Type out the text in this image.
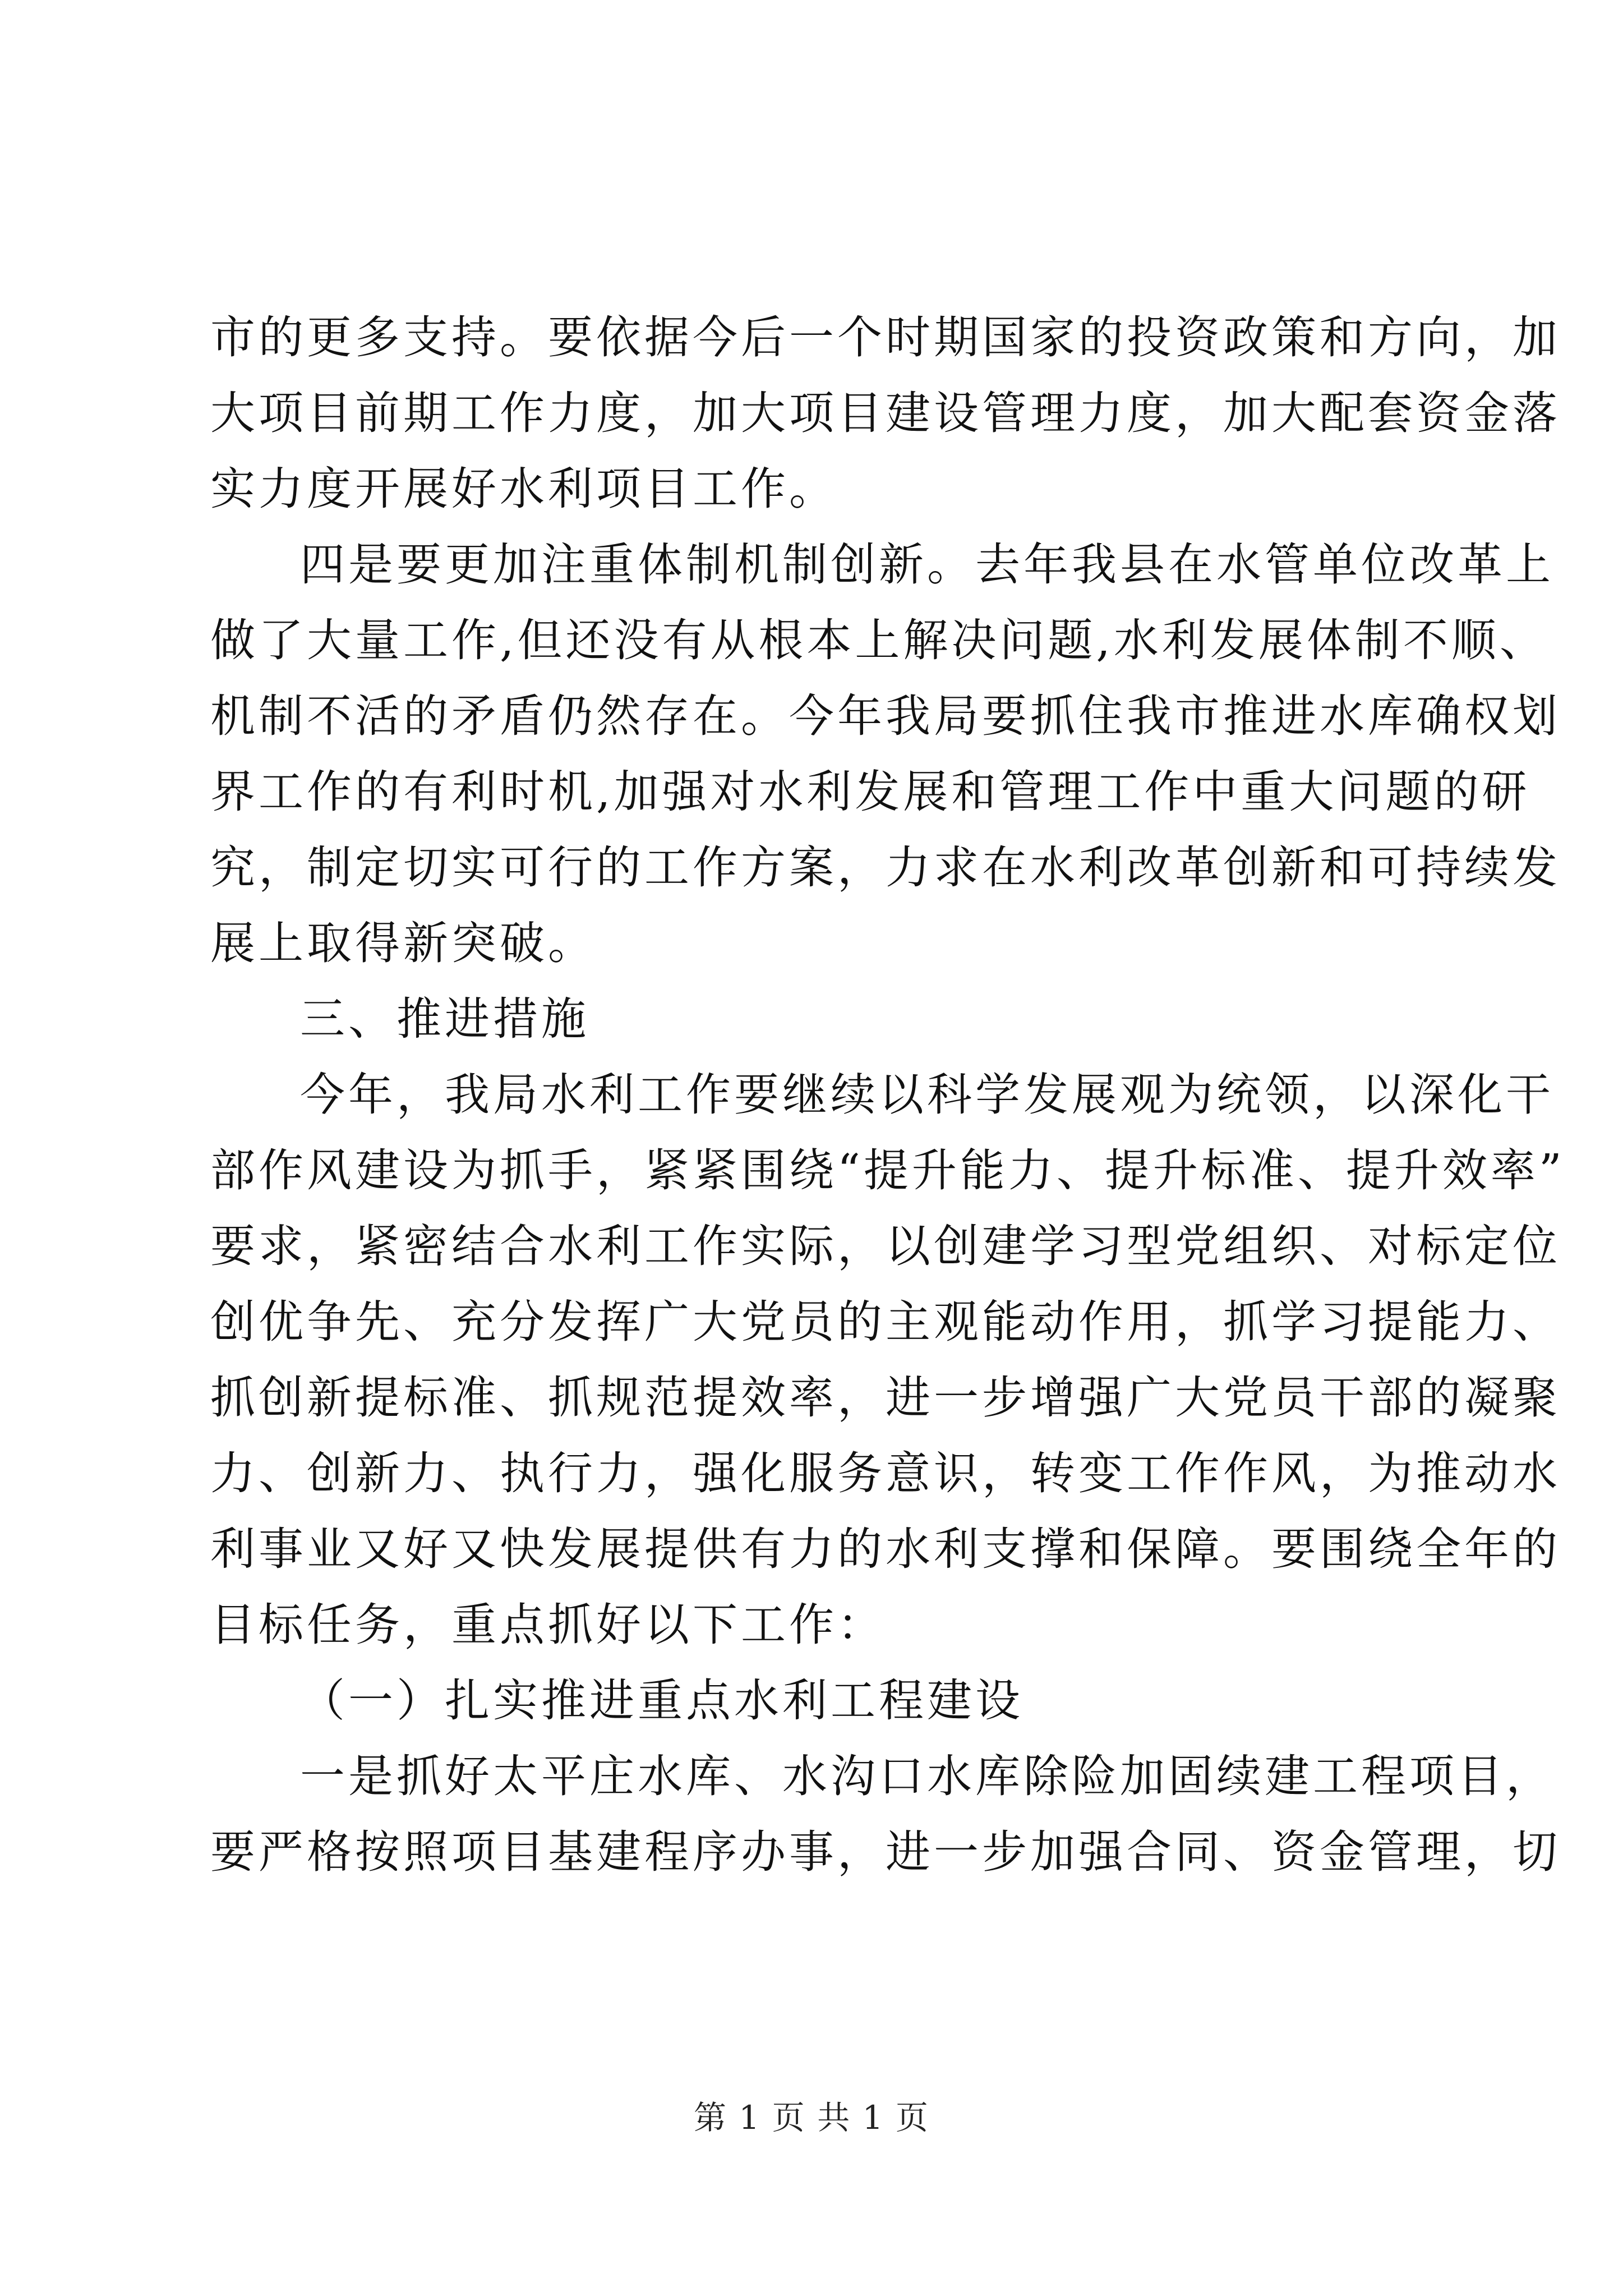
市的更多支持。要依据今后一个时期国家的投资政策和方向，加
大项目前期工作力度，加大项目建设管理力度，加大配套资金落
实力度开展好水利项目工作。
四是要更加注重体制机制创新。去年我县在水管单位改革上
做了大量工作,但还没有从根本上解决问题,水利发展体制不顺、
机制不活的矛盾仍然存在。今年我局要抓住我市推进水库确权划
界工作的有利时机,加强对水利发展和管理工作中重大问题的研
究，制定切实可行的工作方案，力求在水利改革创新和可持续发
展上取得新突破。
三、推进措施
今年，我局水利工作要继续以科学发展观为统领，以深化干
部作风建设为抓手，紧紧围绕“提升能力、提升标准、提升效率”
要求，紧密结合水利工作实际，以创建学习型党组织、对标定位
创优争先、充分发挥广大党员的主观能动作用，抓学习提能力、
抓创新提标准、抓规范提效率，进一步增强广大党员干部的凝聚
力、创新力、执行力，强化服务意识，转变工作作风，为推动水
利事业又好又快发展提供有力的水利支撑和保障。要围绕全年的
目标任务，重点抓好以下工作：
（一）扎实推进重点水利工程建设
一是抓好太平庄水库、水沟口水库除险加固续建工程项目，
要严格按照项目基建程序办事，进一步加强合同、资金管理，切
第 1 页 共 1 页
